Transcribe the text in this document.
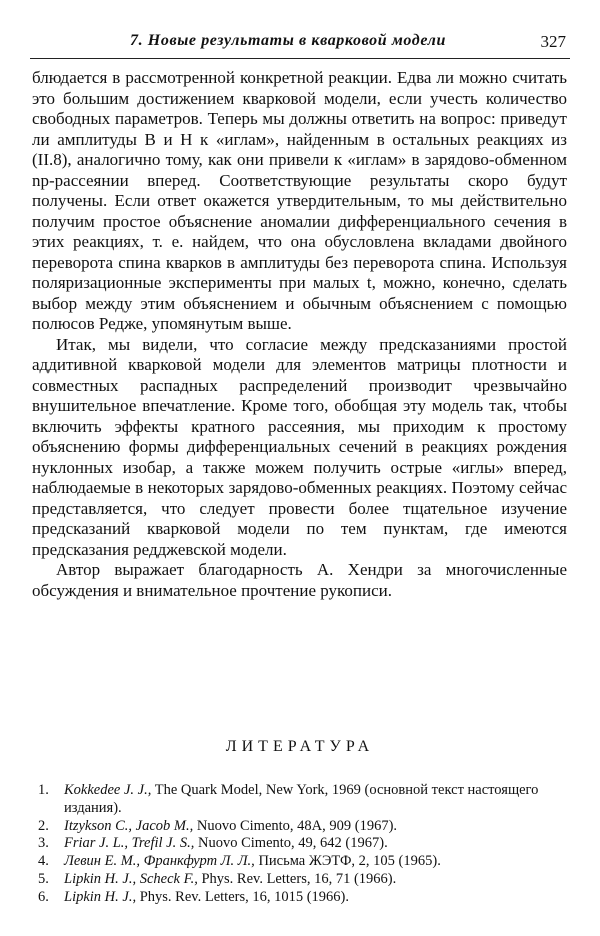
7. Новые результаты в кварковой модели	327

блюдается в рассмотренной конкретной реакции. Едва ли можно считать это большим достижением кварковой модели, если учесть количество свободных параметров. Теперь мы должны ответить на вопрос: приведут ли амплитуды B и H к «иглам», найденным в остальных реакциях из (II.8), аналогично тому, как они привели к «иглам» в зарядово-обменном np-рассеянии вперед. Соответствующие результаты скоро будут получены. Если ответ окажется утвердительным, то мы действительно получим простое объяснение аномалии дифференциального сечения в этих реакциях, т. е. найдем, что она обусловлена вкладами двойного переворота спина кварков в амплитуды без переворота спина. Используя поляризационные эксперименты при малых t, можно, конечно, сделать выбор между этим объяснением и обычным объяснением с помощью полюсов Редже, упомянутым выше.

Итак, мы видели, что согласие между предсказаниями простой аддитивной кварковой модели для элементов матрицы плотности и совместных распадных распределений производит чрезвычайно внушительное впечатление. Кроме того, обобщая эту модель так, чтобы включить эффекты кратного рассеяния, мы приходим к простому объяснению формы дифференциальных сечений в реакциях рождения нуклонных изобар, а также можем получить острые «иглы» вперед, наблюдаемые в некоторых зарядово-обменных реакциях. Поэтому сейчас представляется, что следует провести более тщательное изучение предсказаний кварковой модели по тем пунктам, где имеются предсказания редджевской модели.

Автор выражает благодарность А. Хендри за многочисленные обсуждения и внимательное прочтение рукописи.

ЛИТЕРАТУРА
1. Kokkedee J. J., The Quark Model, New York, 1969 (основной текст настоящего издания).
2. Itzykson C., Jacob M., Nuovo Cimento, 48A, 909 (1967).
3. Friar J. L., Trefil J. S., Nuovo Cimento, 49, 642 (1967).
4. Левин Е. М., Франкфурт Л. Л., Письма ЖЭТФ, 2, 105 (1965).
5. Lipkin H. J., Scheck F., Phys. Rev. Letters, 16, 71 (1966).
6. Lipkin H. J., Phys. Rev. Letters, 16, 1015 (1966).
